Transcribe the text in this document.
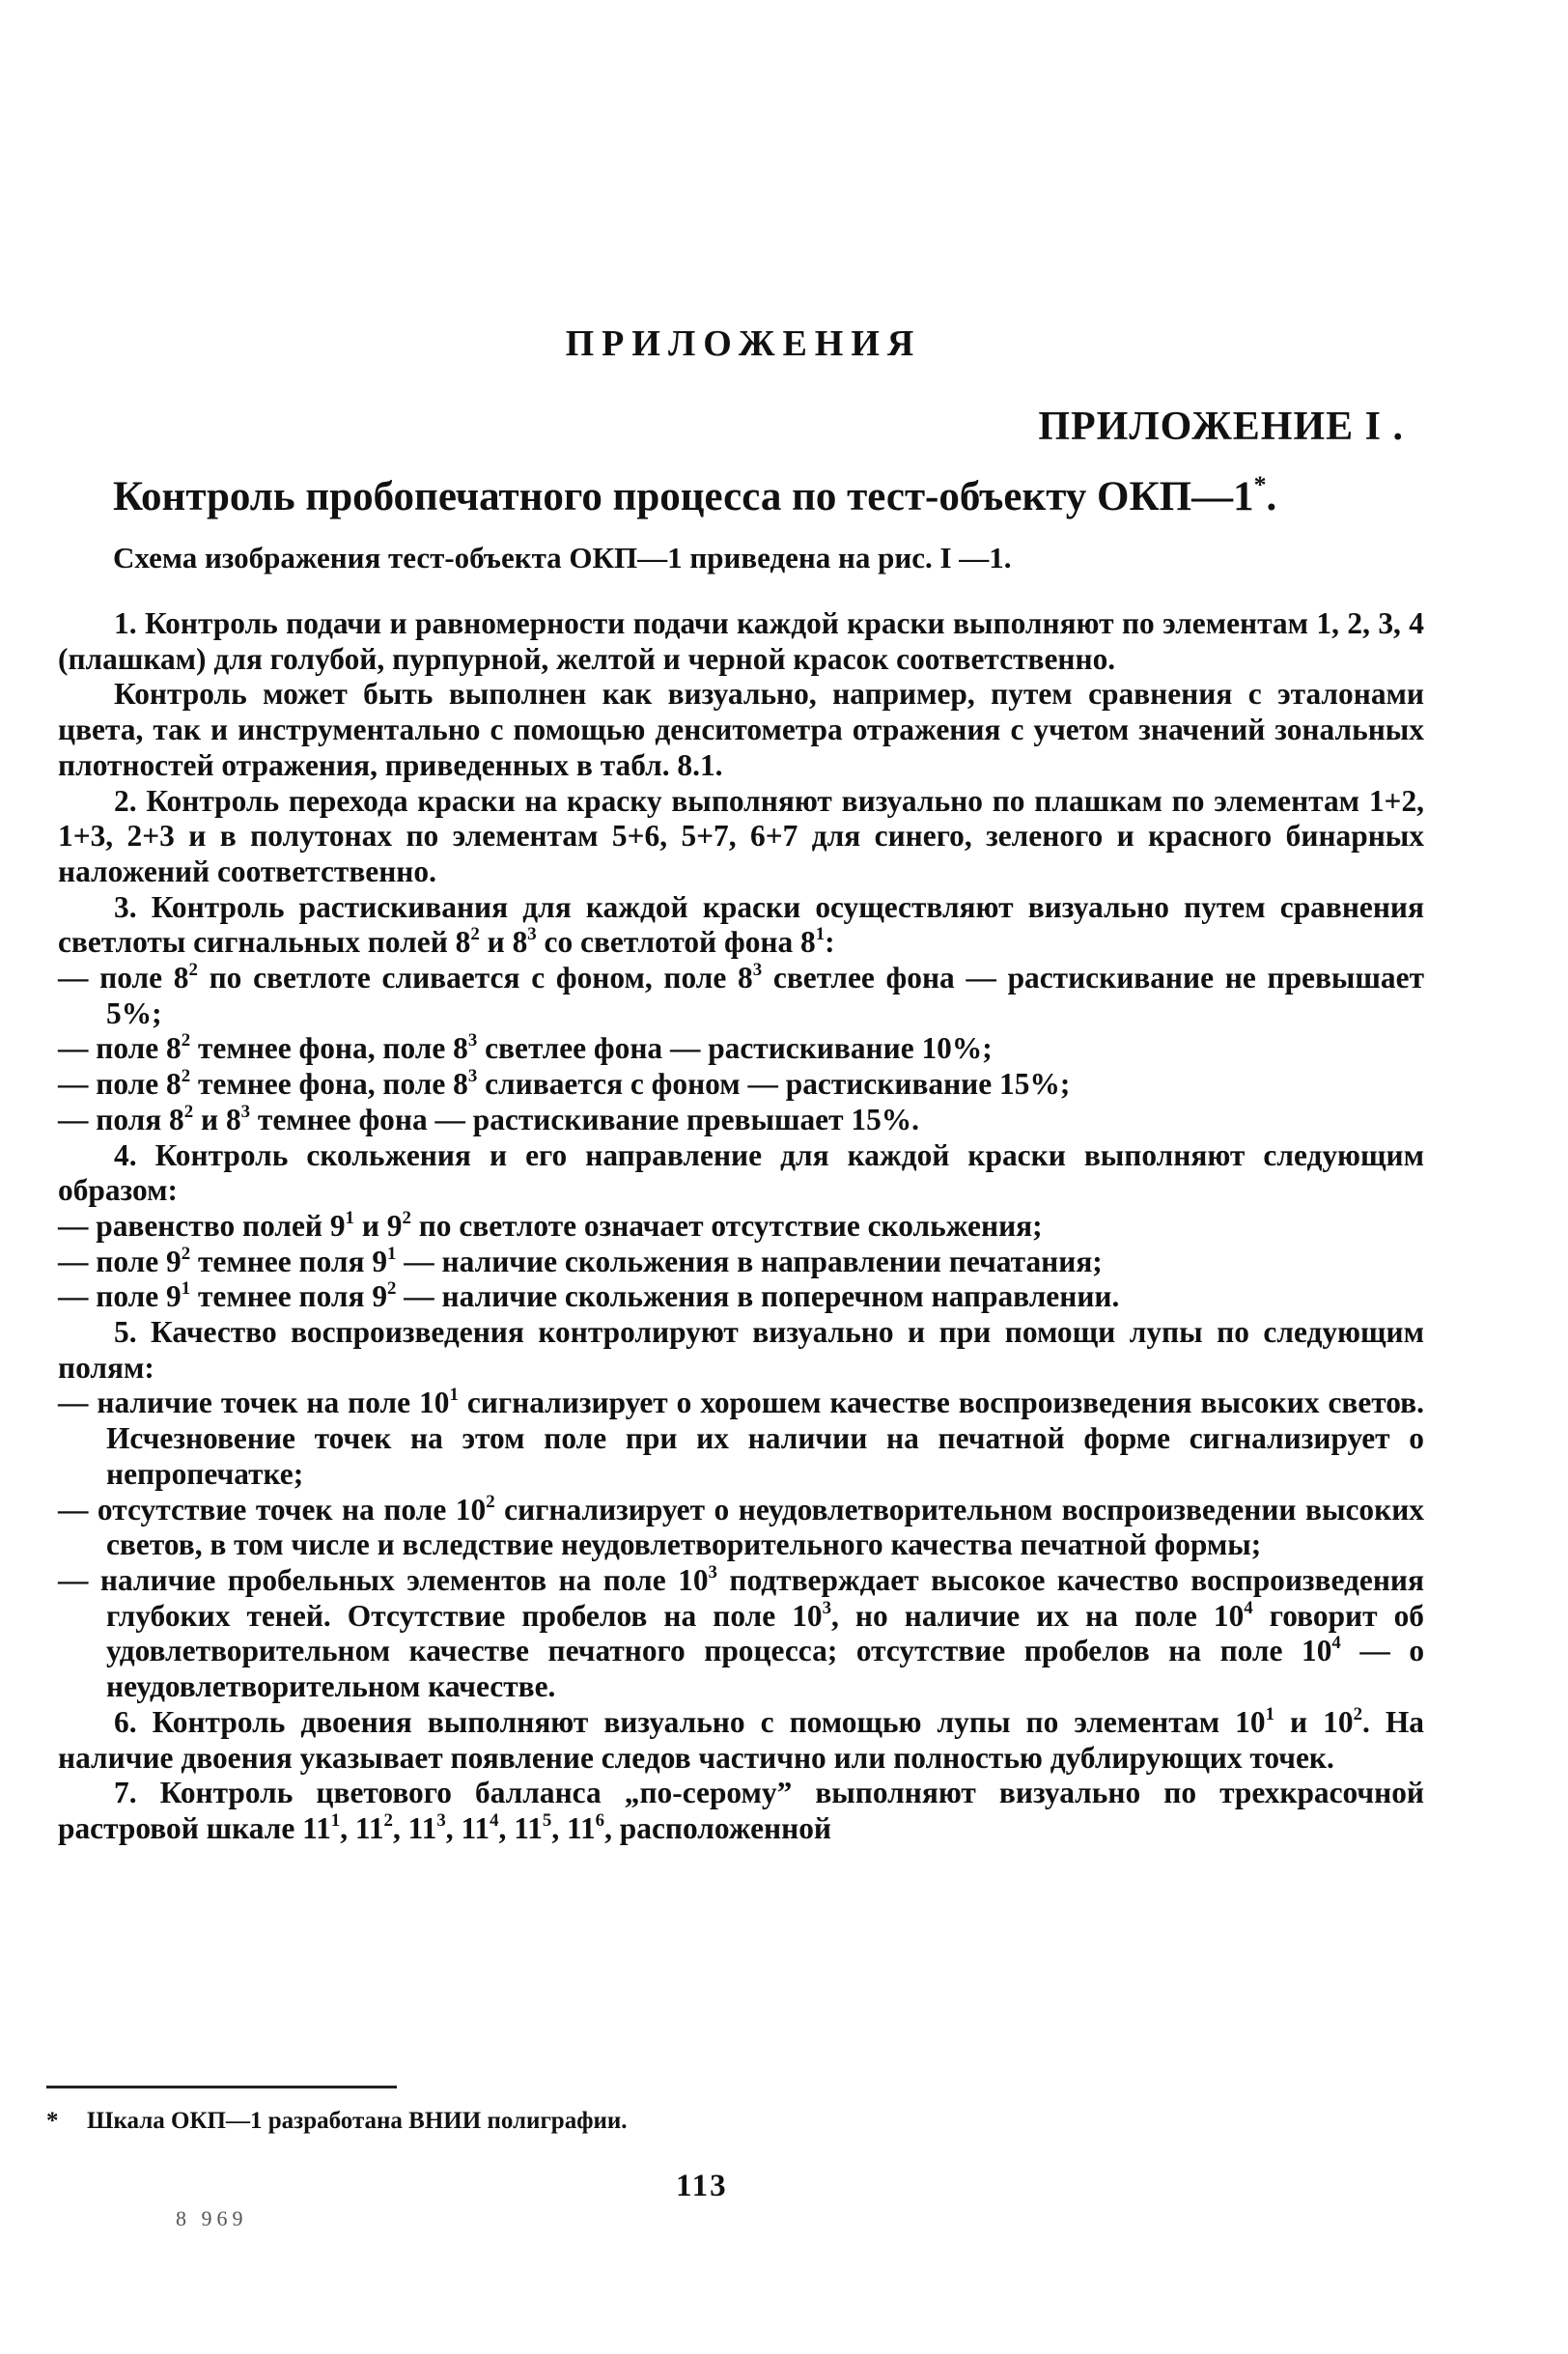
ПРИЛОЖЕНИЯ
ПРИЛОЖЕНИЕ I .
Контроль пробопечатного процесса по тест-объекту ОКП—1*.
Схема изображения тест-объекта ОКП—1 приведена на рис. I —1.

1. Контроль подачи и равномерности подачи каждой краски выполняют по элементам 1, 2, 3, 4 (плашкам) для голубой, пурпурной, желтой и черной красок соответственно.

Контроль может быть выполнен как визуально, например, путем сравнения с эталонами цвета, так и инструментально с помощью денситометра отражения с учетом значений зональных плотностей отражения, приведенных в табл. 8.1.

2. Контроль перехода краски на краску выполняют визуально по плашкам по элементам 1+2, 1+3, 2+3 и в полутонах по элементам 5+6, 5+7, 6+7 для синего, зеленого и красного бинарных наложений соответственно.

3. Контроль растискивания для каждой краски осуществляют визуально путем сравнения светлоты сигнальных полей $8^2$ и $8^3$ со светлотой фона $8^1$:

— поле $8^2$ по светлоте сливается с фоном, поле $8^3$ светлее фона — растискивание не превышает 5%;

— поле $8^2$ темнее фона, поле $8^3$ светлее фона — растискивание 10%;

— поле $8^2$ темнее фона, поле $8^3$ сливается с фоном — растискивание 15%;

— поля $8^2$ и $8^3$ темнее фона — растискивание превышает 15%.

4. Контроль скольжения и его направление для каждой краски выполняют следующим образом:

— равенство полей $9^1$ и $9^2$ по светлоте означает отсутствие скольжения;

— поле $9^2$ темнее поля $9^1$ — наличие скольжения в направлении печатания;

— поле $9^1$ темнее поля $9^2$ — наличие скольжения в поперечном направлении.

5. Качество воспроизведения контролируют визуально и при помощи лупы по следующим полям:

— наличие точек на поле $10^1$ сигнализирует о хорошем качестве воспроизведения высоких светов. Исчезновение точек на этом поле при их наличии на печатной форме сигнализирует о непропечатке;

— отсутствие точек на поле $10^2$ сигнализирует о неудовлетворительном воспроизведении высоких светов, в том числе и вследствие неудовлетворительного качества печатной формы;

— наличие пробельных элементов на поле $10^3$ подтверждает высокое качество воспроизведения глубоких теней. Отсутствие пробелов на поле $10^3$, но наличие их на поле $10^4$ говорит об удовлетворительном качестве печатного процесса; отсутствие пробелов на поле $10^4$ — о неудовлетворительном качестве.

6. Контроль двоения выполняют визуально с помощью лупы по элементам $10^1$ и $10^2$. На наличие двоения указывает появление следов частично или полностью дублирующих точек.

7. Контроль цветового балланса „по-серому” выполняют визуально по трехкрасочной растровой шкале $11^1$, $11^2$, $11^3$, $11^4$, $11^5$, $11^6$, расположенной

* Шкала ОКП—1 разработана ВНИИ полиграфии.
113
8 969
